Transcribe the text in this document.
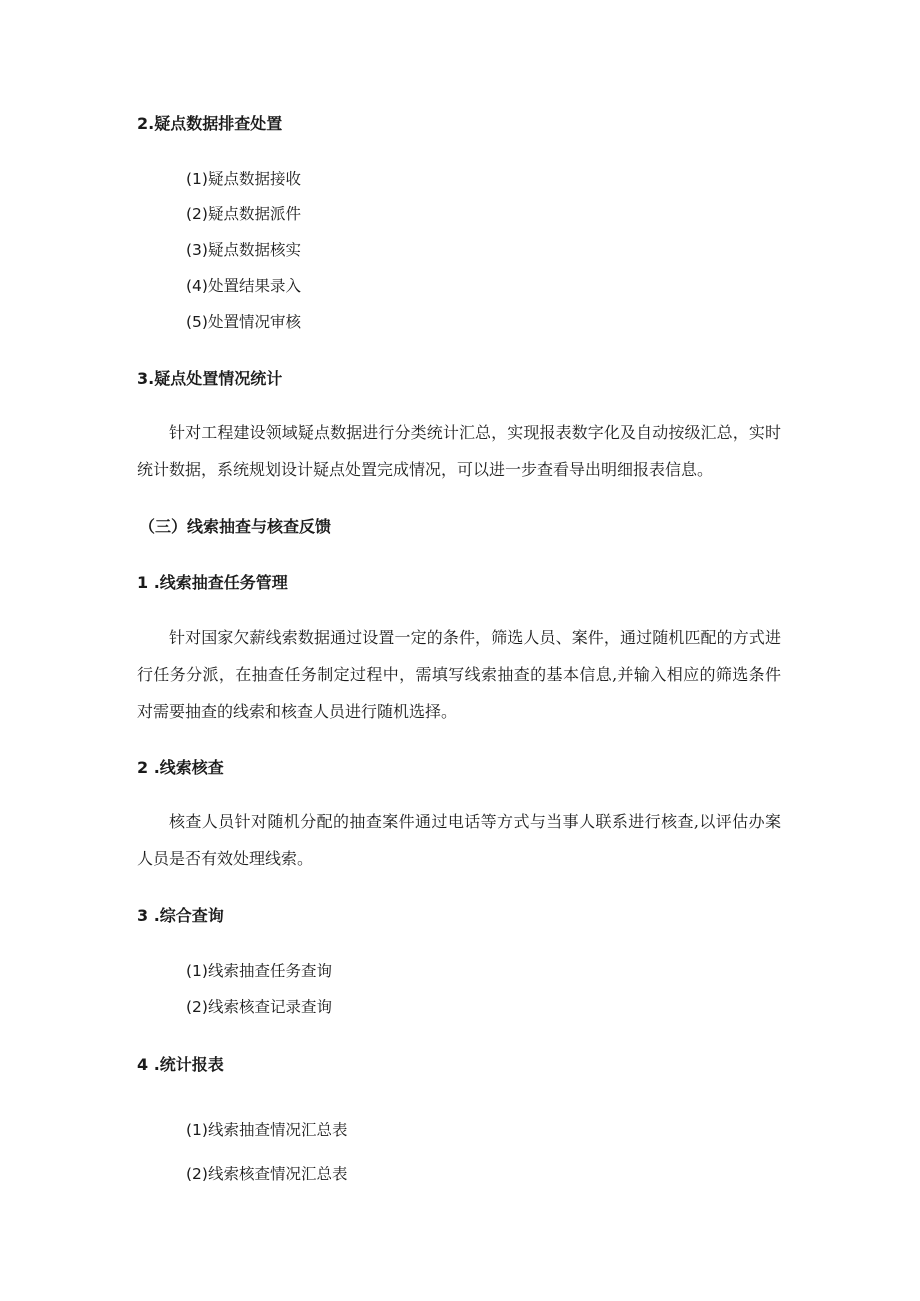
2.疑点数据排查处置
(1)疑点数据接收
(2)疑点数据派件
(3)疑点数据核实
(4)处置结果录入
(5)处置情况审核
3.疑点处置情况统计

针对工程建设领域疑点数据进行分类统计汇总，实现报表数字化及自动按级汇总，实时统计数据，系统规划设计疑点处置完成情况，可以进一步查看导出明细报表信息。

（三）线索抽查与核查反馈
1 .线索抽查任务管理

针对国家欠薪线索数据通过设置一定的条件，筛选人员、案件，通过随机匹配的方式进行任务分派，在抽查任务制定过程中，需填写线索抽查的基本信息,并输入相应的筛选条件对需要抽查的线索和核查人员进行随机选择。

2 .线索核查

核查人员针对随机分配的抽查案件通过电话等方式与当事人联系进行核查,以评估办案人员是否有效处理线索。

3 .综合查询
(1)线索抽查任务查询
(2)线索核查记录查询
4 .统计报表
(1)线索抽查情况汇总表
(2)线索核查情况汇总表
